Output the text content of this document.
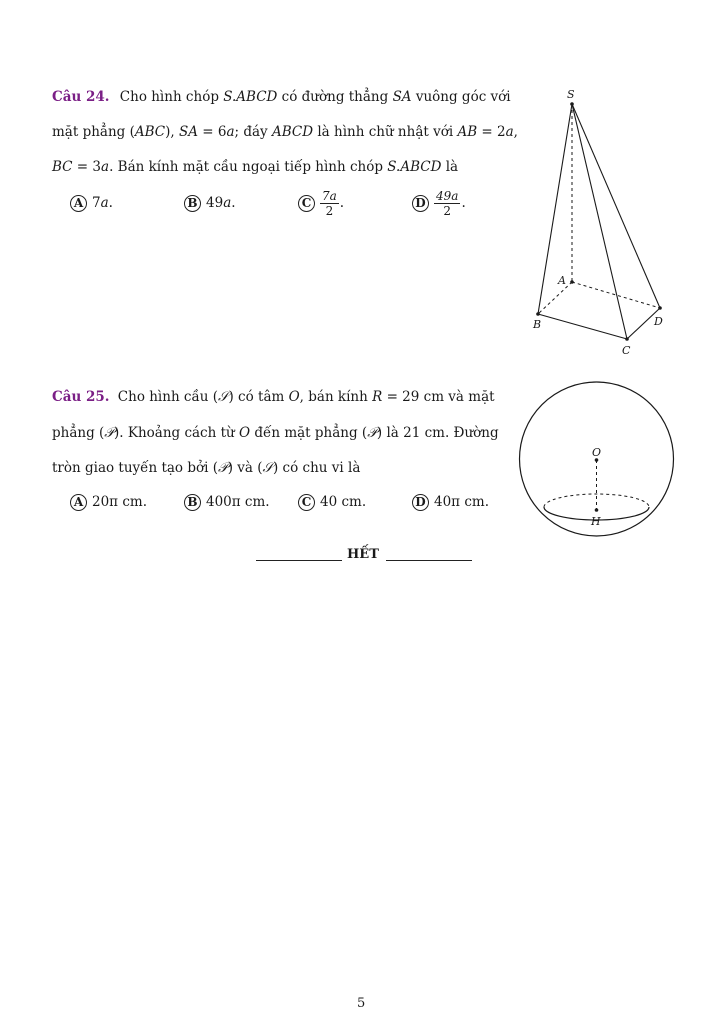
Câu 24. Cho hình chóp S.ABCD có đường thẳng SA vuông góc với
mặt phẳng (ABC), SA = 6a; đáy ABCD là hình chữ nhật với AB = 2a,
BC = 3a. Bán kính mặt cầu ngoại tiếp hình chóp S.ABCD là
A 7 a .	B 49 a .	C $\frac{7a}{2}$ .	D $\frac{49a}{2}$ .
S
A
B
C
D
Câu 25. Cho hình cầu (𝒮) có tâm O, bán kính R = 29 cm và mặt
phẳng (𝒫). Khoảng cách từ O đến mặt phẳng (𝒫) là 21 cm. Đường
tròn giao tuyến tạo bởi (𝒫) và (𝒮) có chu vi là
A 20π cm.	B 400π cm.	C 40 cm.	D 40π cm.
O
H
HẾT
5
